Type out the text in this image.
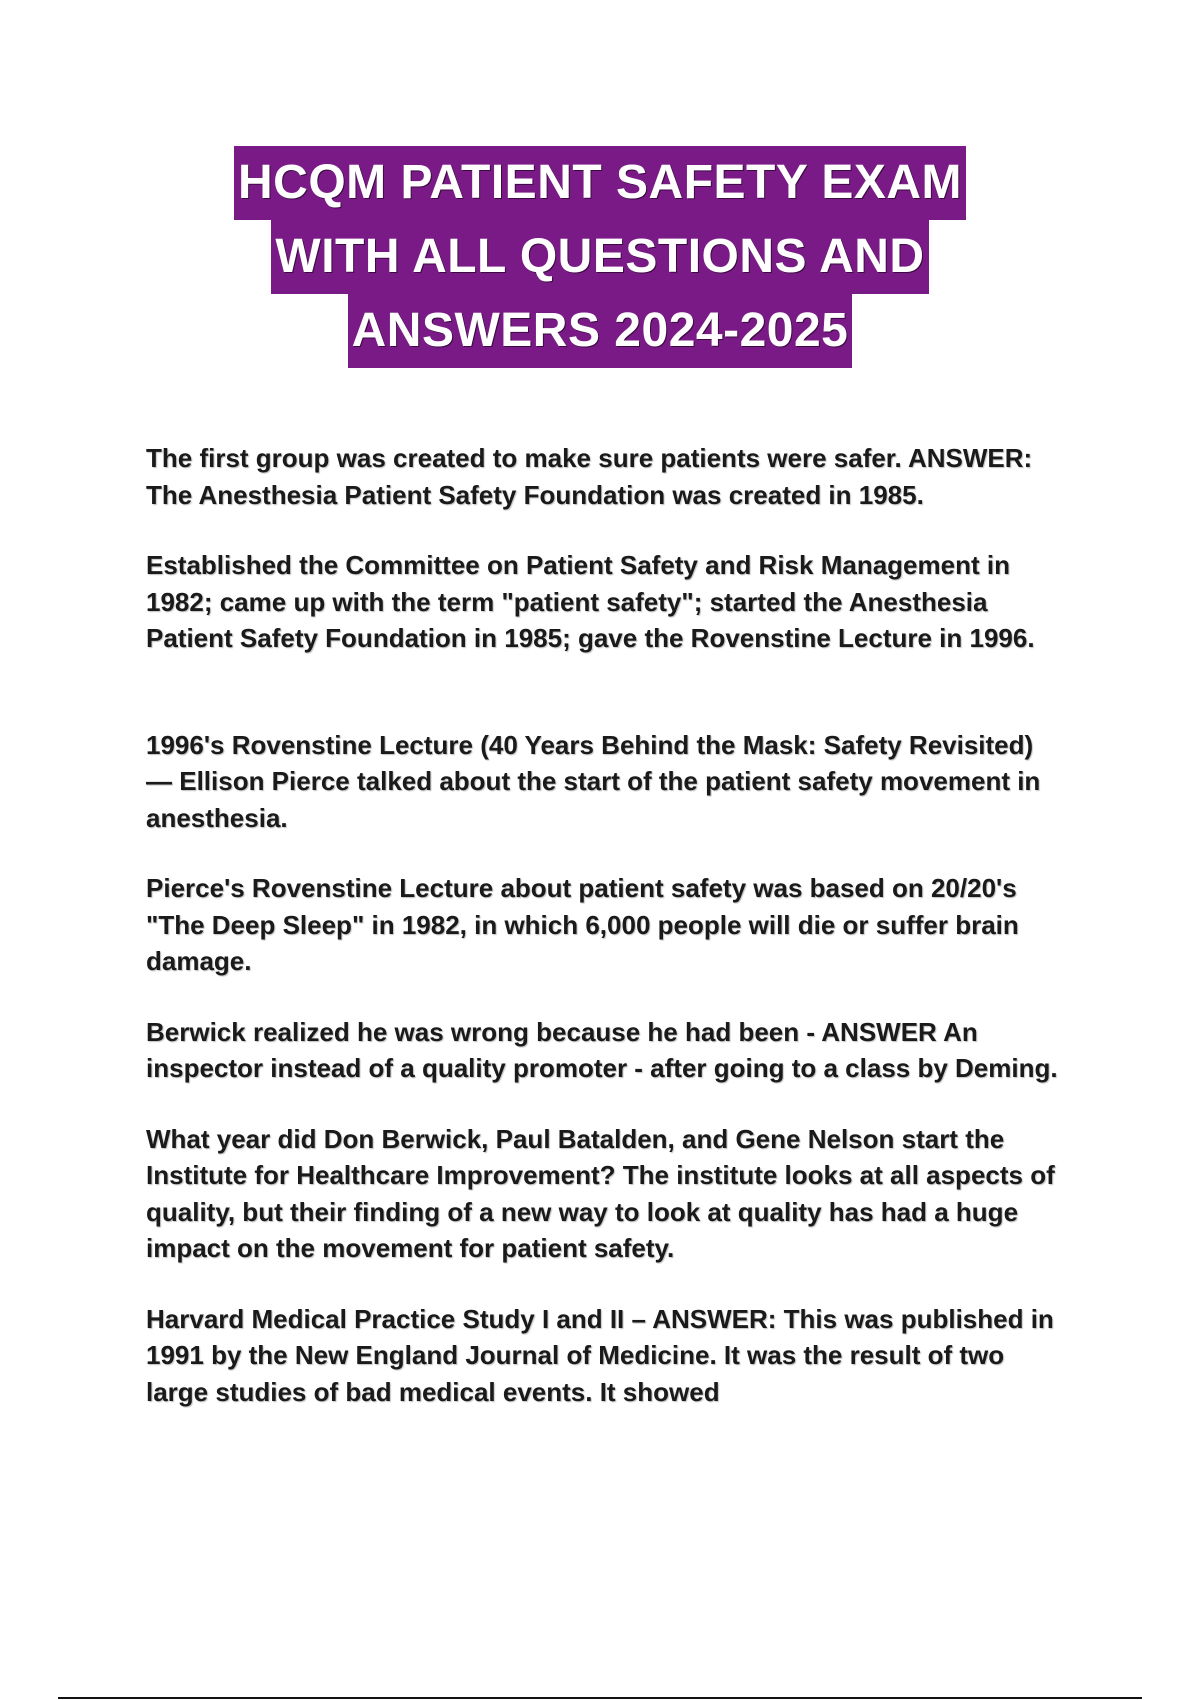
HCQM PATIENT SAFETY EXAM
WITH ALL QUESTIONS AND
ANSWERS 2024-2025

The first group was created to make sure patients were safer. ANSWER: The Anesthesia Patient Safety Foundation was created in 1985.

Established the Committee on Patient Safety and Risk Management in 1982; came up with the term "patient safety"; started the Anesthesia Patient Safety Foundation in 1985; gave the Rovenstine Lecture in 1996.

1996's Rovenstine Lecture (40 Years Behind the Mask: Safety Revisited) — Ellison Pierce talked about the start of the patient safety movement in anesthesia.

Pierce's Rovenstine Lecture about patient safety was based on 20/20's "The Deep Sleep" in 1982, in which 6,000 people will die or suffer brain damage.

Berwick realized he was wrong because he had been - ANSWER An inspector instead of a quality promoter - after going to a class by Deming.

What year did Don Berwick, Paul Batalden, and Gene Nelson start the Institute for Healthcare Improvement? The institute looks at all aspects of quality, but their finding of a new way to look at quality has had a huge impact on the movement for patient safety.

Harvard Medical Practice Study I and II – ANSWER: This was published in 1991 by the New England Journal of Medicine. It was the result of two large studies of bad medical events. It showed
